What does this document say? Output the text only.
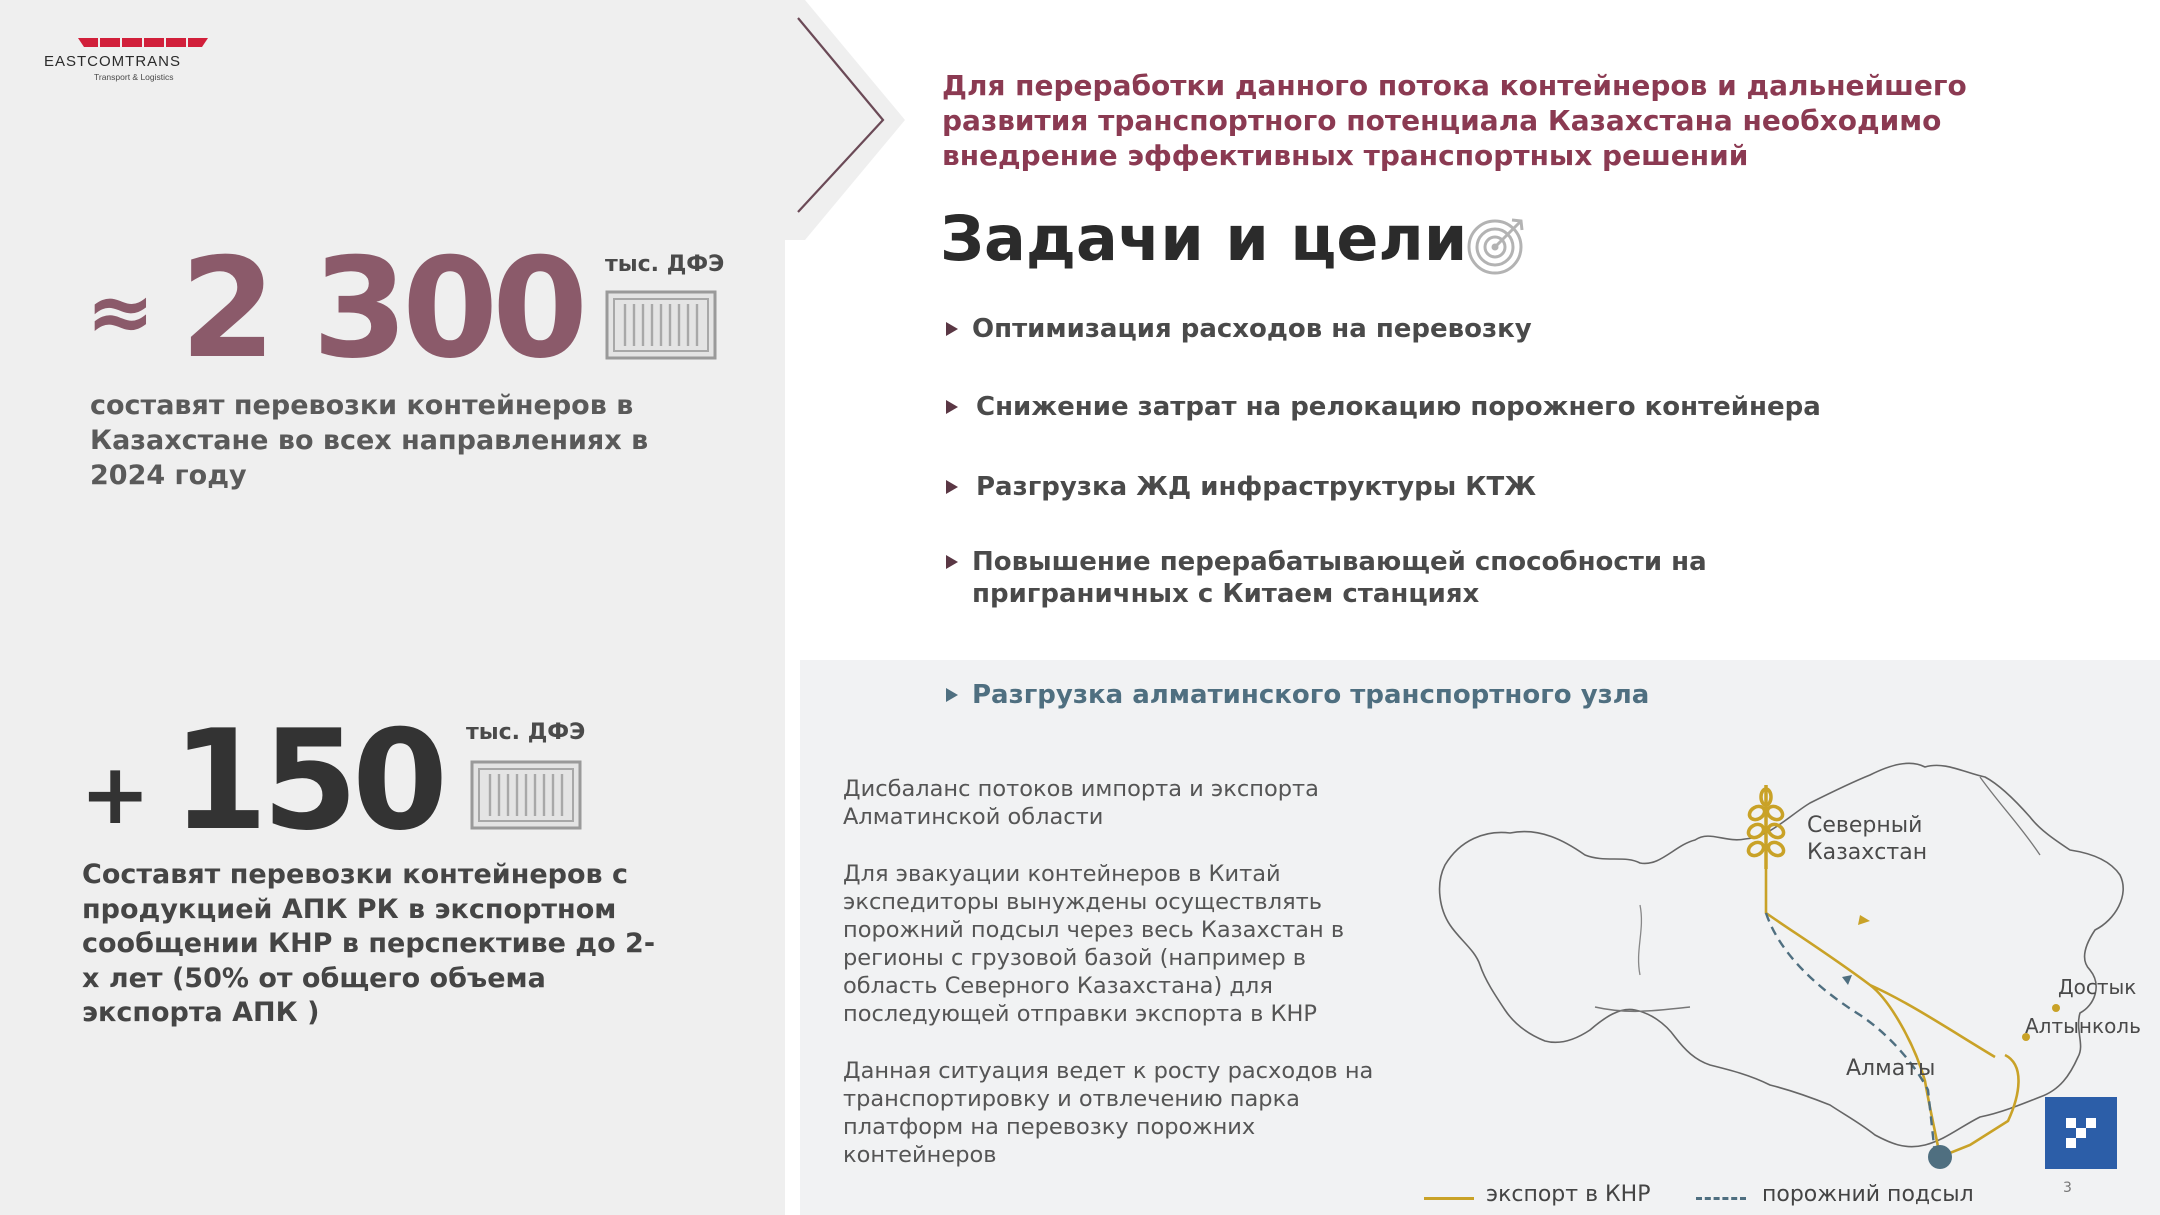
EASTCOMTRANS
Transport & Logistics
≈ 2 300 тыс. ДФЭ
составят перевозки контейнеров в Казахстане во всех направлениях в 2024 году
+ 150 тыс. ДФЭ
Составят перевозки контейнеров с продукцией АПК РК в экспортном сообщении КНР в перспективе до 2-х лет (50% от общего объема экспорта АПК )
Для переработки данного потока контейнеров и дальнейшего развития транспортного потенциала Казахстана необходимо внедрение эффективных транспортных решений
Задачи и цели
Оптимизация расходов на перевозку
Снижение затрат на релокацию порожнего контейнера
Разгрузка ЖД инфраструктуры КТЖ
Повышение перерабатывающей способности на приграничных с Китаем станциях
Разгрузка алматинского транспортного узла
Дисбаланс потоков импорта и экспорта Алматинской области
Для эвакуации контейнеров в Китай экспедиторы вынуждены осуществлять порожний подсыл через весь Казахстан в регионы с грузовой базой (например в область Северного Казахстана) для последующей отправки экспорта в КНР
Данная ситуация ведет к росту расходов на транспортировку и отвлечению парка платформ на перевозку порожних контейнеров
Северный Казахстан
Достык
Алтынколь
Алматы
экспорт в КНР	порожний подсыл	3
